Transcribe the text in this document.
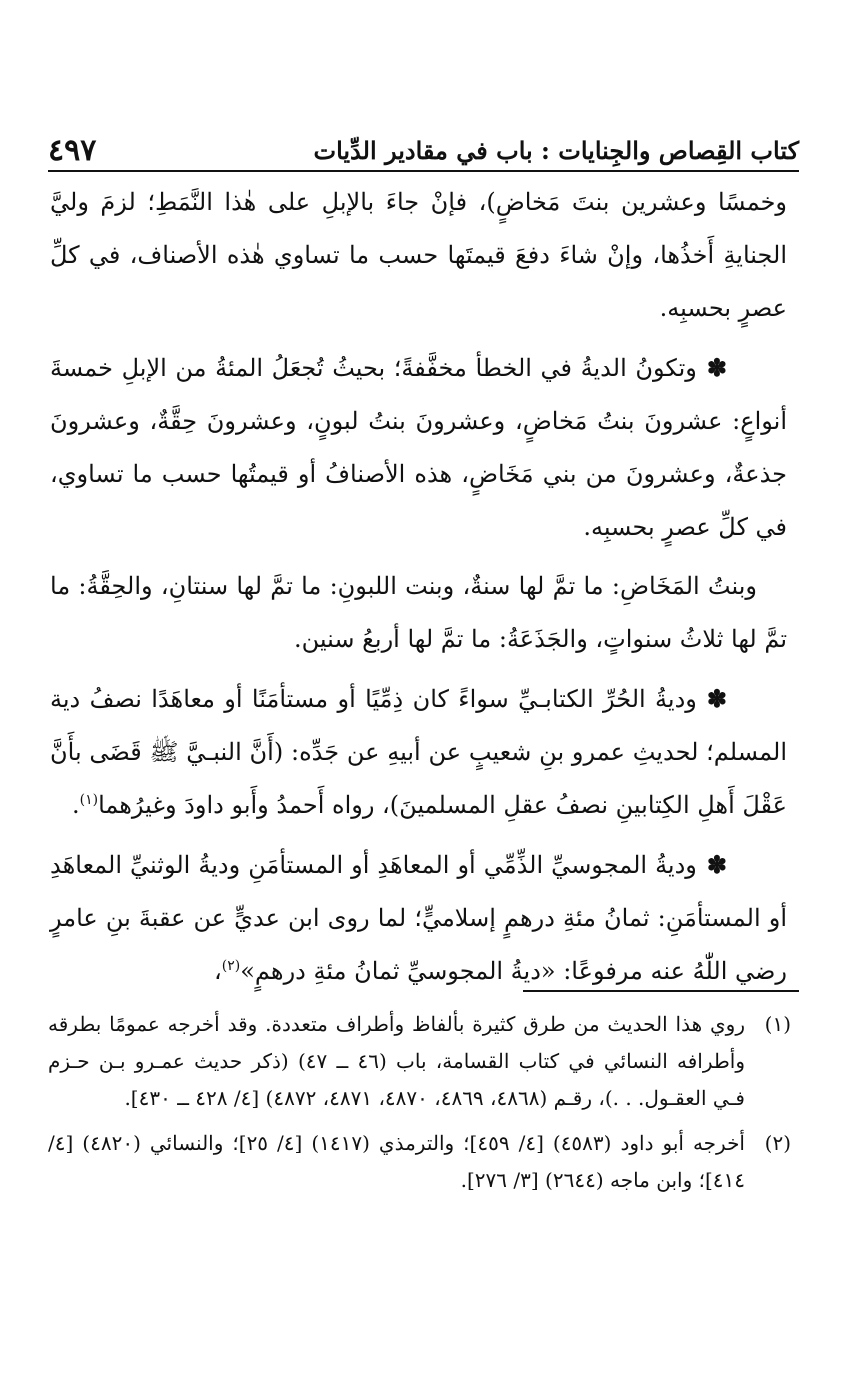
٤٩٧	كتاب القِصاص والجِنايات : باب في مقادير الدِّيات

وخمسًا وعشرين بنتَ مَخاضٍ)، فإنْ جاءَ بالإبلِ على هٰذا النَّمَطِ؛ لزمَ وليَّ الجنايةِ أَخذُها، وإنْ شاءَ دفعَ قيمتَها حسب ما تساوي هٰذه الأصناف، في كلِّ عصرٍ بحسبِه.

✽وتكونُ الديةُ في الخطأ مخفَّفةً؛ بحيثُ تُجعَلُ المئةُ من الإبلِ خمسةَ أنواعٍ: عشرونَ بنتُ مَخاضٍ، وعشرونَ بنتُ لبونٍ، وعشرونَ حِقَّةٌ، وعشرونَ جذعةٌ، وعشرونَ من بني مَخَاضٍ، هذه الأصنافُ أو قيمتُها حسب ما تساوي، في كلِّ عصرٍ بحسبِه.

وبنتُ المَخَاضِ: ما تمَّ لها سنةٌ، وبنت اللبونِ: ما تمَّ لها سنتانِ، والحِقَّةُ: ما تمَّ لها ثلاثُ سنواتٍ، والجَذَعَةُ: ما تمَّ لها أربعُ سنين.

✽وديةُ الحُرِّ الكتابـيِّ سواءً كان ذِمِّيًا أو مستأمَنًا أو معاهَدًا نصفُ دية المسلم؛ لحديثِ عمرو بنِ شعيبٍ عن أبيهِ عن جَدِّه: (أَنَّ النبـيَّ ﷺ قَضَى بأَنَّ عَقْلَ أَهلِ الكِتابينِ نصفُ عقلِ المسلمينَ)، رواه أَحمدُ وأَبو داودَ وغيرُهما$^{(١)}$.

✽وديةُ المجوسيِّ الذِّمِّي أو المعاهَدِ أو المستأمَنِ وديةُ الوثنيِّ المعاهَدِ أو المستأمَنِ: ثمانُ مئةِ درهمٍ إسلاميٍّ؛ لما روى ابن عديٍّ عن عقبةَ بنِ عامرٍ رضي اللّٰهُ عنه مرفوعًا: «ديةُ المجوسيِّ ثمانُ مئةِ درهمٍ»$^{(٢)}$،

(١)
روي هذا الحديث من طرق كثيرة بألفاظ وأطراف متعددة. وقد أخرجه عمومًا بطرقه وأطرافه النسائي في كتاب القسامة، باب (٤٦ ــ ٤٧) (ذكر حديث عمـرو بـن حـزم فـي العقـول. . .)، رقـم (٤٨٦٨، ٤٨٦٩، ٤٨٧٠، ٤٨٧١، ٤٨٧٢) [٤/ ٤٢٨ ــ ٤٣٠].
(٢)
أخرجه أبو داود (٤٥٨٣) [٤/ ٤٥٩]؛ والترمذي (١٤١٧) [٤/ ٢٥]؛ والنسائي (٤٨٢٠) [٤/ ٤١٤]؛ وابن ماجه (٢٦٤٤) [٣/ ٢٧٦].
